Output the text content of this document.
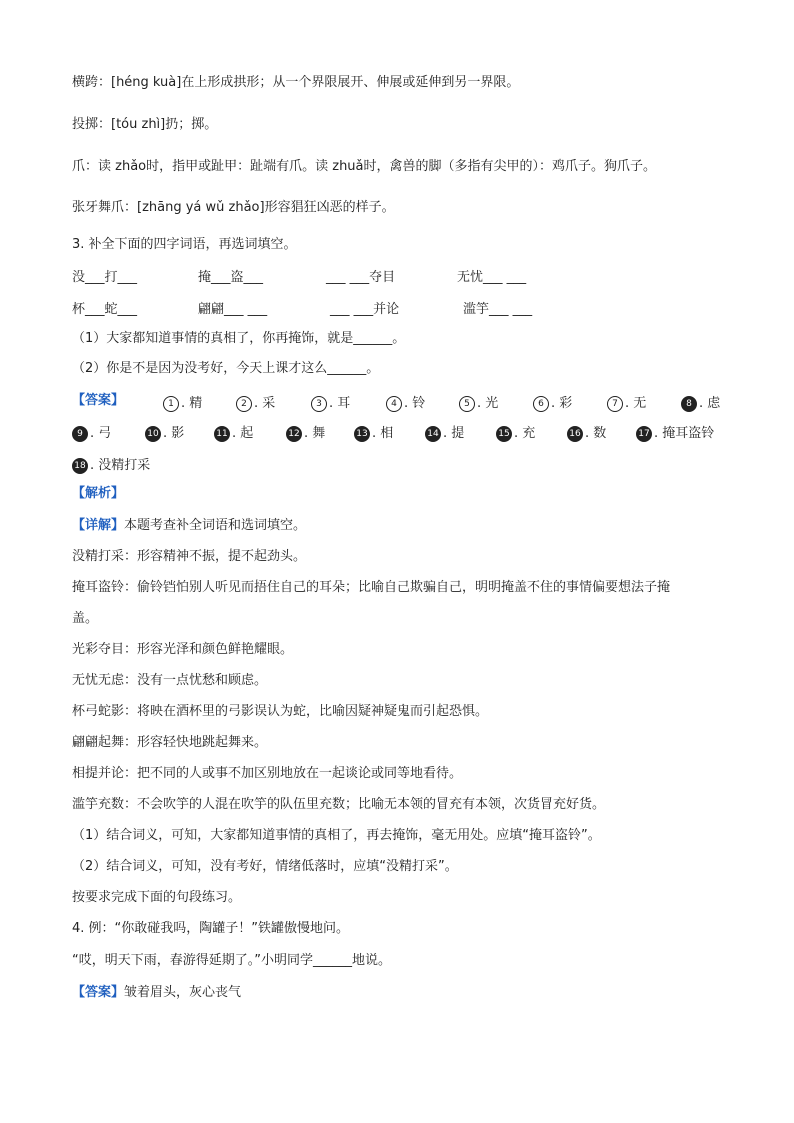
横跨：[héng kuà]在上形成拱形；从一个界限展开、伸展或延伸到另一界限。
投掷：[tóu zhì]扔；掷。
爪：读 zhǎo时，指甲或趾甲：趾端有爪。读 zhuǎ时，禽兽的脚（多指有尖甲的）：鸡爪子。狗爪子。
张牙舞爪：[zhāng yá wǔ zhǎo]形容猖狂凶恶的样子。
3. 补全下面的四字词语，再选词填空。
没___打___	掩___盗___	___ ___夺目	无忧___ ___
杯___蛇___	翩翩___ ___	___ ___并论	滥竽___ ___
（1）大家都知道事情的真相了，你再掩饰，就是______。
（2）你是不是因为没考好，今天上课才这么______。
【答案】	1 . 精	2 . 采	3 . 耳	4 . 铃	5 . 光	6 . 彩	7 . 无	8 . 虑
9 . 弓	10 . 影	11 . 起	12 . 舞	13 . 相	14 . 提	15 . 充	16 . 数	17 . 掩耳盗铃
18 . 没精打采
【解析】
【详解】本题考查补全词语和选词填空。
没精打采：形容精神不振，提不起劲头。
掩耳盗铃：偷铃铛怕别人听见而捂住自己的耳朵；比喻自己欺骗自己，明明掩盖不住的事情偏要想法子掩
盖。
光彩夺目：形容光泽和颜色鲜艳耀眼。
无忧无虑：没有一点忧愁和顾虑。
杯弓蛇影：将映在酒杯里的弓影误认为蛇，比喻因疑神疑鬼而引起恐惧。
翩翩起舞：形容轻快地跳起舞来。
相提并论：把不同的人或事不加区别地放在一起谈论或同等地看待。
滥竽充数：不会吹竽的人混在吹竽的队伍里充数；比喻无本领的冒充有本领，次货冒充好货。
（1）结合词义，可知，大家都知道事情的真相了，再去掩饰，毫无用处。应填“掩耳盗铃”。
（2）结合词义，可知，没有考好，情绪低落时，应填“没精打采”。
按要求完成下面的句段练习。
4. 例：“你敢碰我吗，陶罐子！”铁罐傲慢地问。
“哎，明天下雨，春游得延期了。”小明同学______地说。
【答案】皱着眉头，灰心丧气
